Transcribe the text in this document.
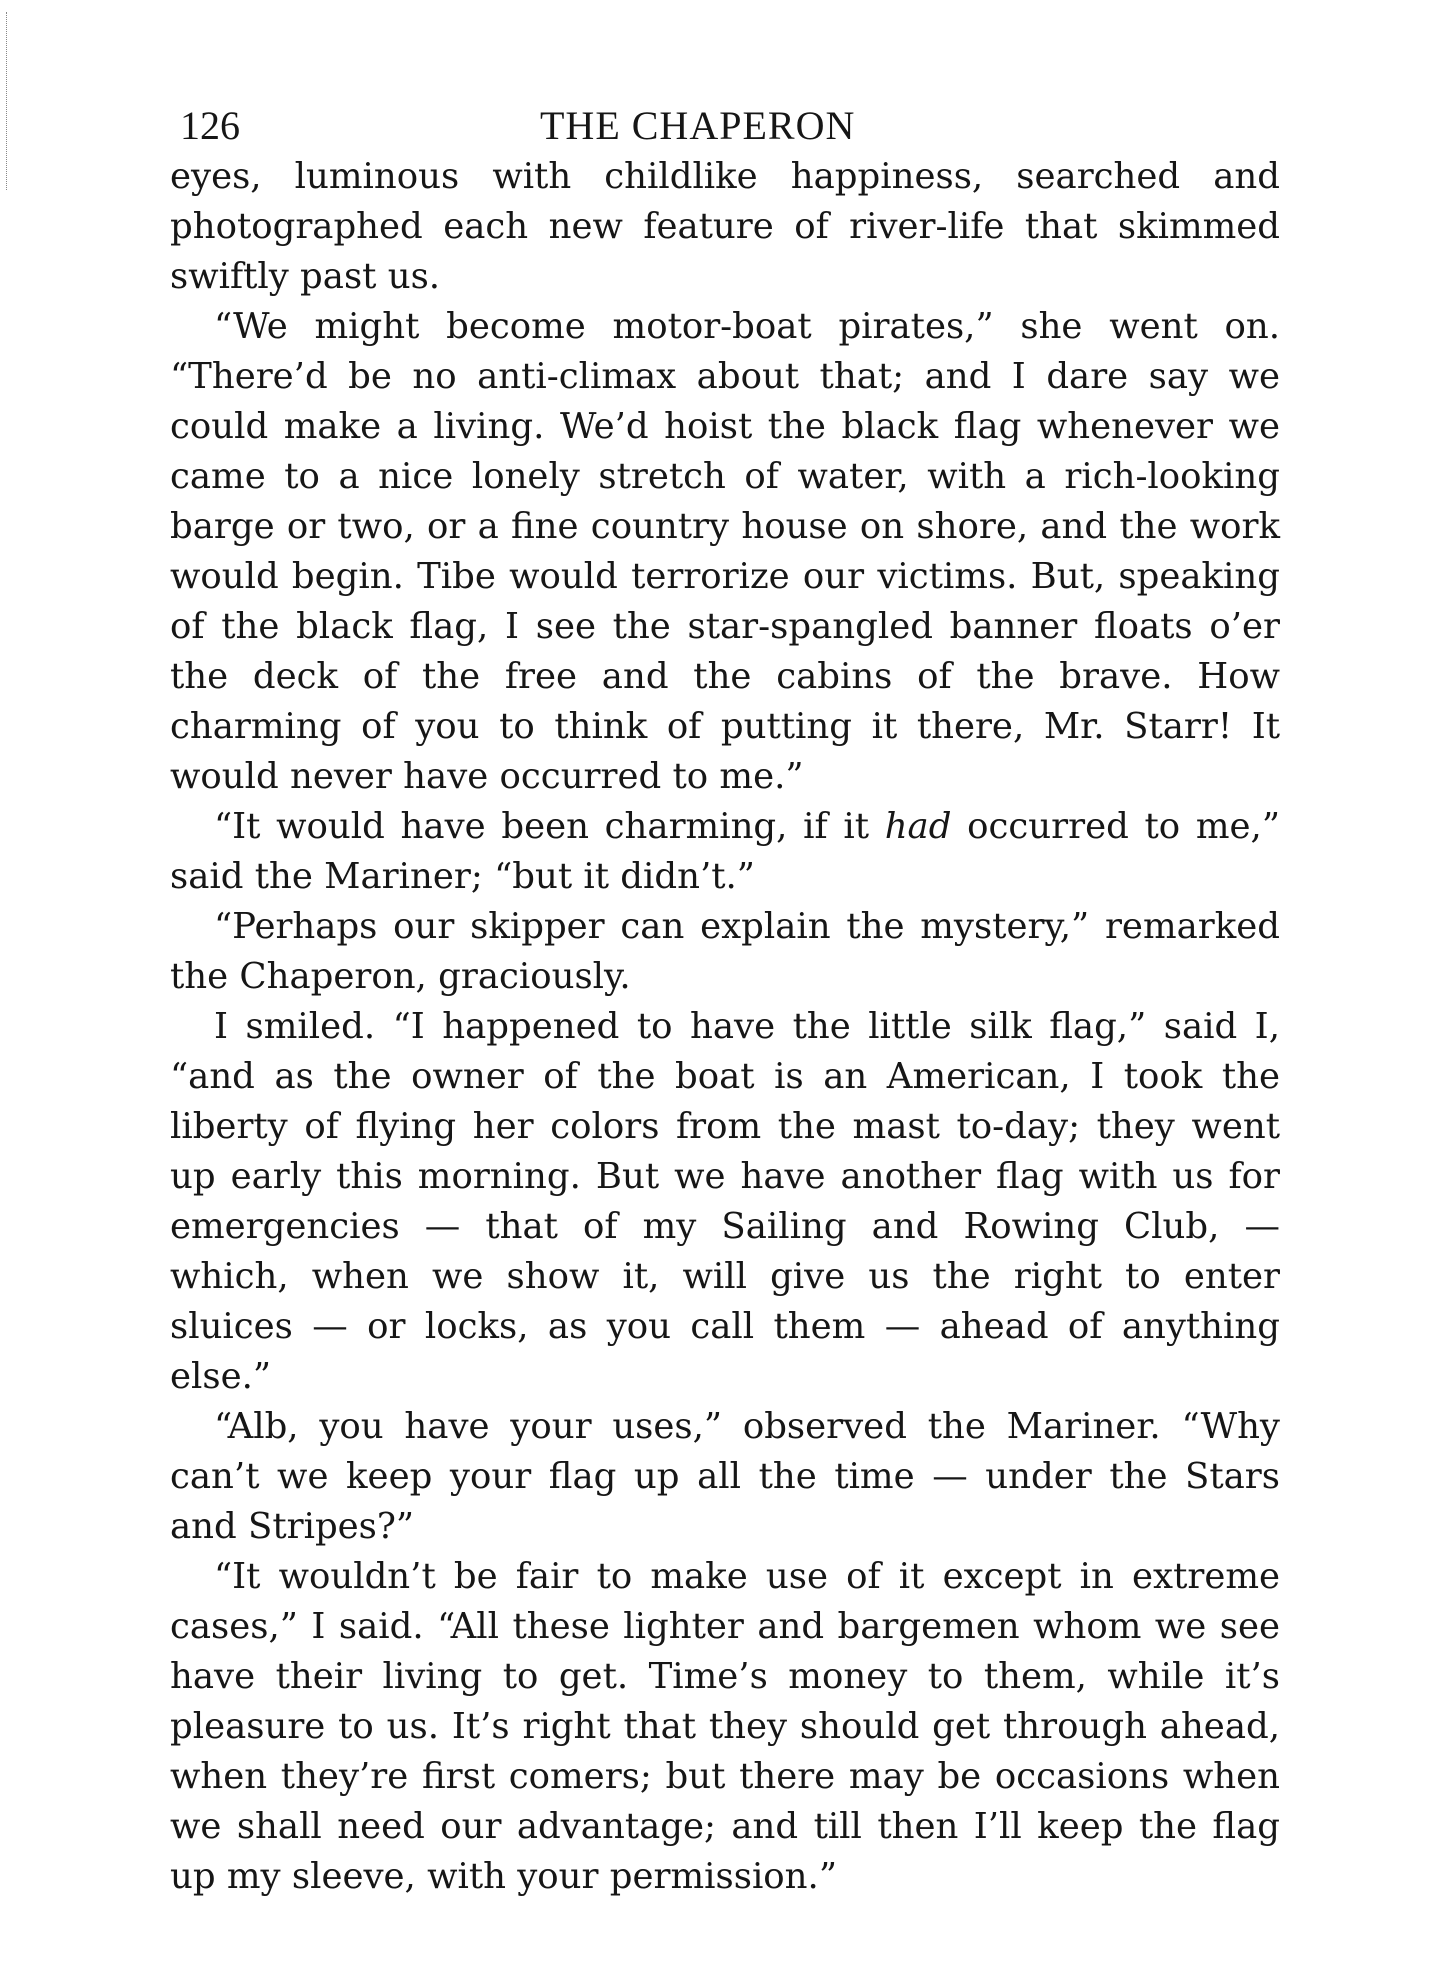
126	THE CHAPERON

eyes, luminous with childlike happiness, searched and photographed each new feature of river-life that skimmed swiftly past us.

“We might become motor-boat pirates,” she went on. “There’d be no anti-climax about that; and I dare say we could make a living. We’d hoist the black flag whenever we came to a nice lonely stretch of water, with a rich-looking barge or two, or a fine country house on shore, and the work would begin. Tibe would terrorize our victims. But, speaking of the black flag, I see the star-spangled banner floats o’er the deck of the free and the cabins of the brave. How charming of you to think of putting it there, Mr. Starr! It would never have occurred to me.”

“It would have been charming, if it had occurred to me,” said the Mariner; “but it didn’t.”

“Perhaps our skipper can explain the mystery,” remarked the Chaperon, graciously.

I smiled. “I happened to have the little silk flag,” said I, “and as the owner of the boat is an American, I took the liberty of flying her colors from the mast to-day; they went up early this morning. But we have another flag with us for emergencies — that of my Sailing and Rowing Club, — which, when we show it, will give us the right to enter sluices — or locks, as you call them — ahead of anything else.”

“Alb, you have your uses,” observed the Mariner. “Why can’t we keep your flag up all the time — under the Stars and Stripes?”

“It wouldn’t be fair to make use of it except in extreme cases,” I said. “All these lighter and bargemen whom we see have their living to get. Time’s money to them, while it’s pleasure to us. It’s right that they should get through ahead, when they’re first comers; but there may be occasions when we shall need our advantage; and till then I’ll keep the flag up my sleeve, with your permission.”
